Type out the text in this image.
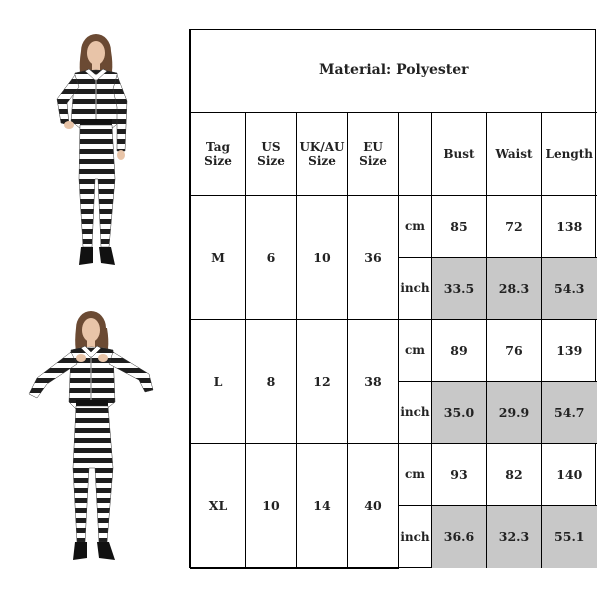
Material: Polyester							
Tag Size	US Size	UK/AU Size	EU Size		Bust	Waist	Length
M	6	10	36	cm	85	72	138
				inch	33.5	28.3	54.3
L	8	12	38	cm	89	76	139
				inch	35.0	29.9	54.7
XL	10	14	40	cm	93	82	140
				inch	36.6	32.3	55.1
